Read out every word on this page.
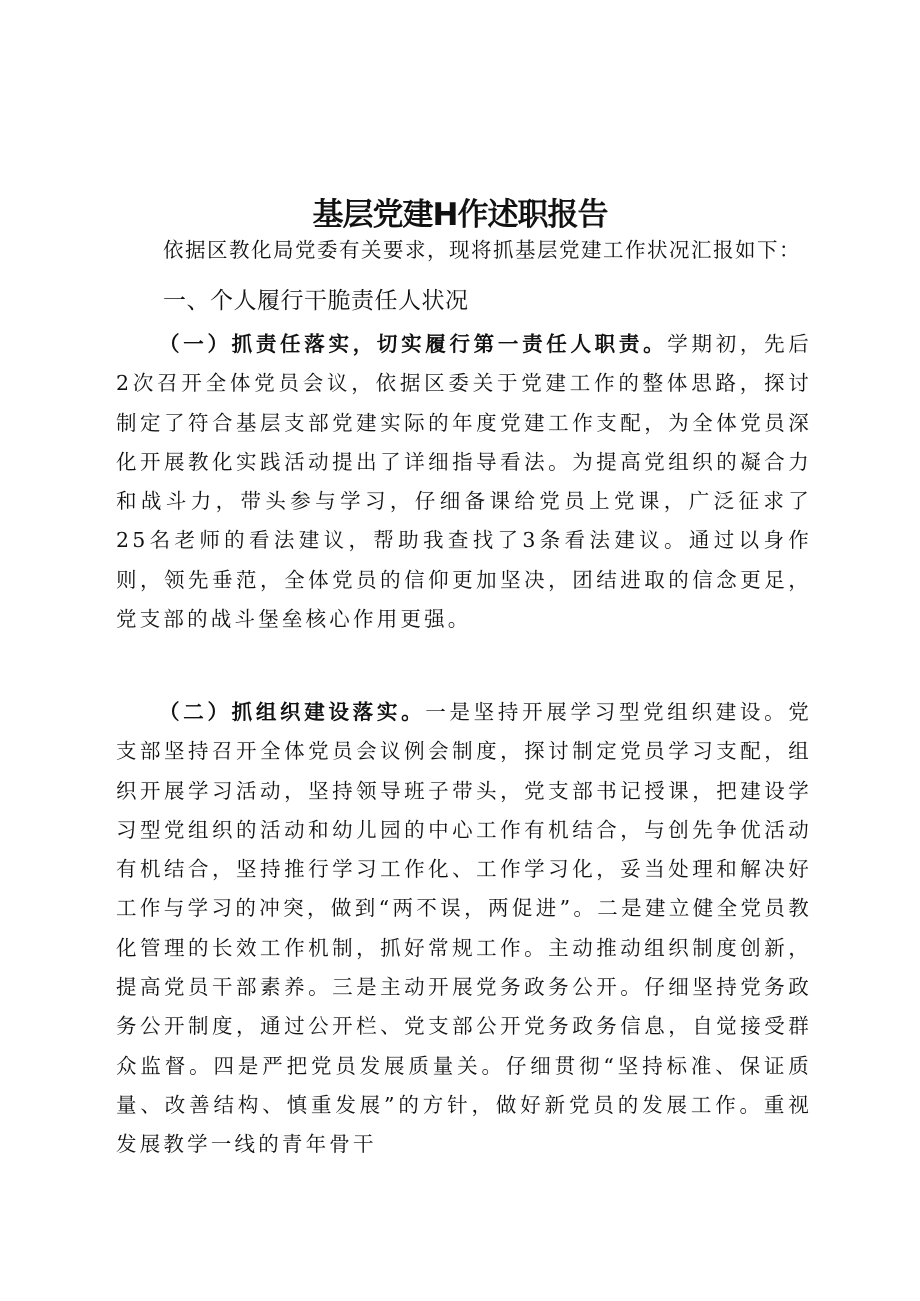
基层党建H作述职报告
依据区教化局党委有关要求，现将抓基层党建工作状况汇报如下：
一、个人履行干脆责任人状况

（一）抓责任落实，切实履行第一责任人职责。学期初，先后2次召开全体党员会议，依据区委关于党建工作的整体思路，探讨制定了符合基层支部党建实际的年度党建工作支配，为全体党员深化开展教化实践活动提出了详细指导看法。为提高党组织的凝合力和战斗力，带头参与学习，仔细备课给党员上党课，广泛征求了25名老师的看法建议，帮助我查找了3条看法建议。通过以身作则，领先垂范，全体党员的信仰更加坚决，团结进取的信念更足，党支部的战斗堡垒核心作用更强。

（二）抓组织建设落实。一是坚持开展学习型党组织建设。党支部坚持召开全体党员会议例会制度，探讨制定党员学习支配，组织开展学习活动，坚持领导班子带头，党支部书记授课，把建设学习型党组织的活动和幼儿园的中心工作有机结合，与创先争优活动有机结合，坚持推行学习工作化、工作学习化，妥当处理和解决好工作与学习的冲突，做到“两不误，两促进”。二是建立健全党员教化管理的长效工作机制，抓好常规工作。主动推动组织制度创新，提高党员干部素养。三是主动开展党务政务公开。仔细坚持党务政务公开制度，通过公开栏、党支部公开党务政务信息，自觉接受群众监督。四是严把党员发展质量关。仔细贯彻“坚持标准、保证质量、改善结构、慎重发展”的方针，做好新党员的发展工作。重视发展教学一线的青年骨干
